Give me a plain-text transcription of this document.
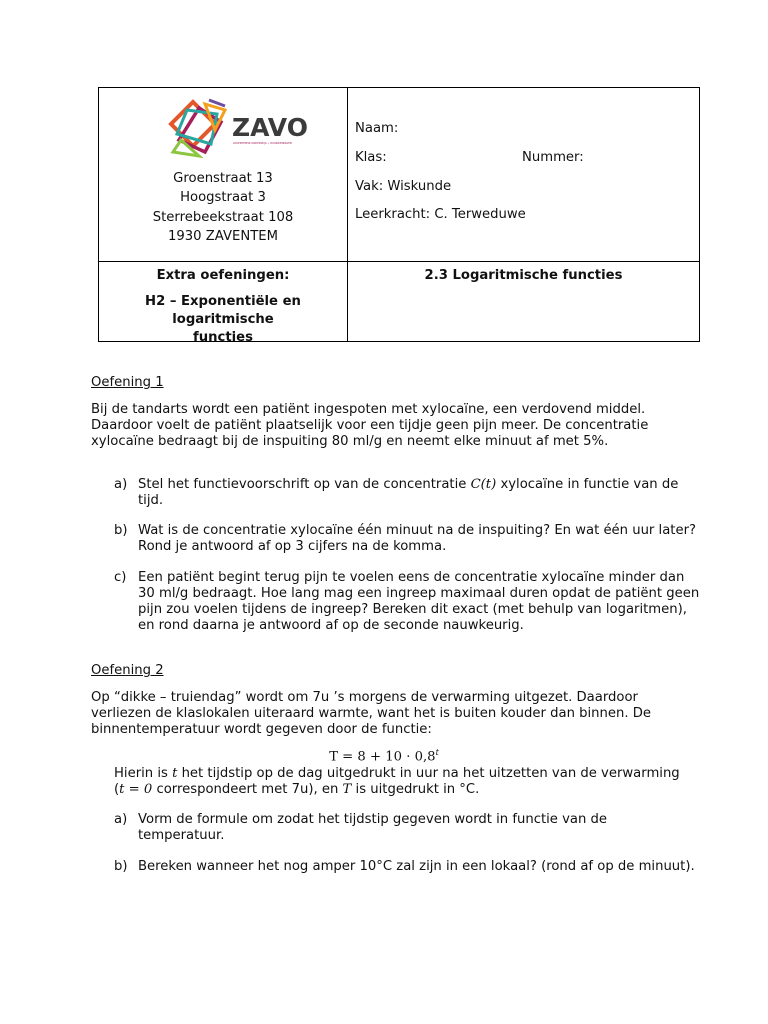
ZAVO
ZAVENTEMSE ONDERWIJS- / VOORZIENINGEN
Groenstraat 13
Hoogstraat 3
Sterrebeekstraat 108
1930 ZAVENTEM
Naam:
Klas:	Nummer:
Vak: Wiskunde
Leerkracht: C. Terweduwe
Extra oefeningen:
H2 – Exponentiële en logaritmische
functies
2.3 Logaritmische functies
Oefening 1

Bij de tandarts wordt een patiënt ingespoten met xylocaïne, een verdovend middel.

Daardoor voelt de patiënt plaatselijk voor een tijdje geen pijn meer. De concentratie

xylocaïne bedraagt bij de inspuiting 80 ml/g en neemt elke minuut af met 5%.

a) Stel het functievoorschrift op van de concentratie C(t) xylocaïne in functie van de

tijd.

b) Wat is de concentratie xylocaïne één minuut na de inspuiting? En wat één uur later?

Rond je antwoord af op 3 cijfers na de komma.

c) Een patiënt begint terug pijn te voelen eens de concentratie xylocaïne minder dan

30 ml/g bedraagt. Hoe lang mag een ingreep maximaal duren opdat de patiënt geen

pijn zou voelen tijdens de ingreep? Bereken dit exact (met behulp van logaritmen),

en rond daarna je antwoord af op de seconde nauwkeurig.

Oefening 2

Op “dikke – truiendag” wordt om 7u ’s morgens de verwarming uitgezet. Daardoor

verliezen de klaslokalen uiteraard warmte, want het is buiten kouder dan binnen. De

binnentemperatuur wordt gegeven door de functie:

$T = 8 + 10 \cdot 0,8^t$

Hierin is t het tijdstip op de dag uitgedrukt in uur na het uitzetten van de verwarming

(t = 0 correspondeert met 7u), en T is uitgedrukt in °C.

a) Vorm de formule om zodat het tijdstip gegeven wordt in functie van de

temperatuur.

b) Bereken wanneer het nog amper 10°C zal zijn in een lokaal? (rond af op de minuut).
